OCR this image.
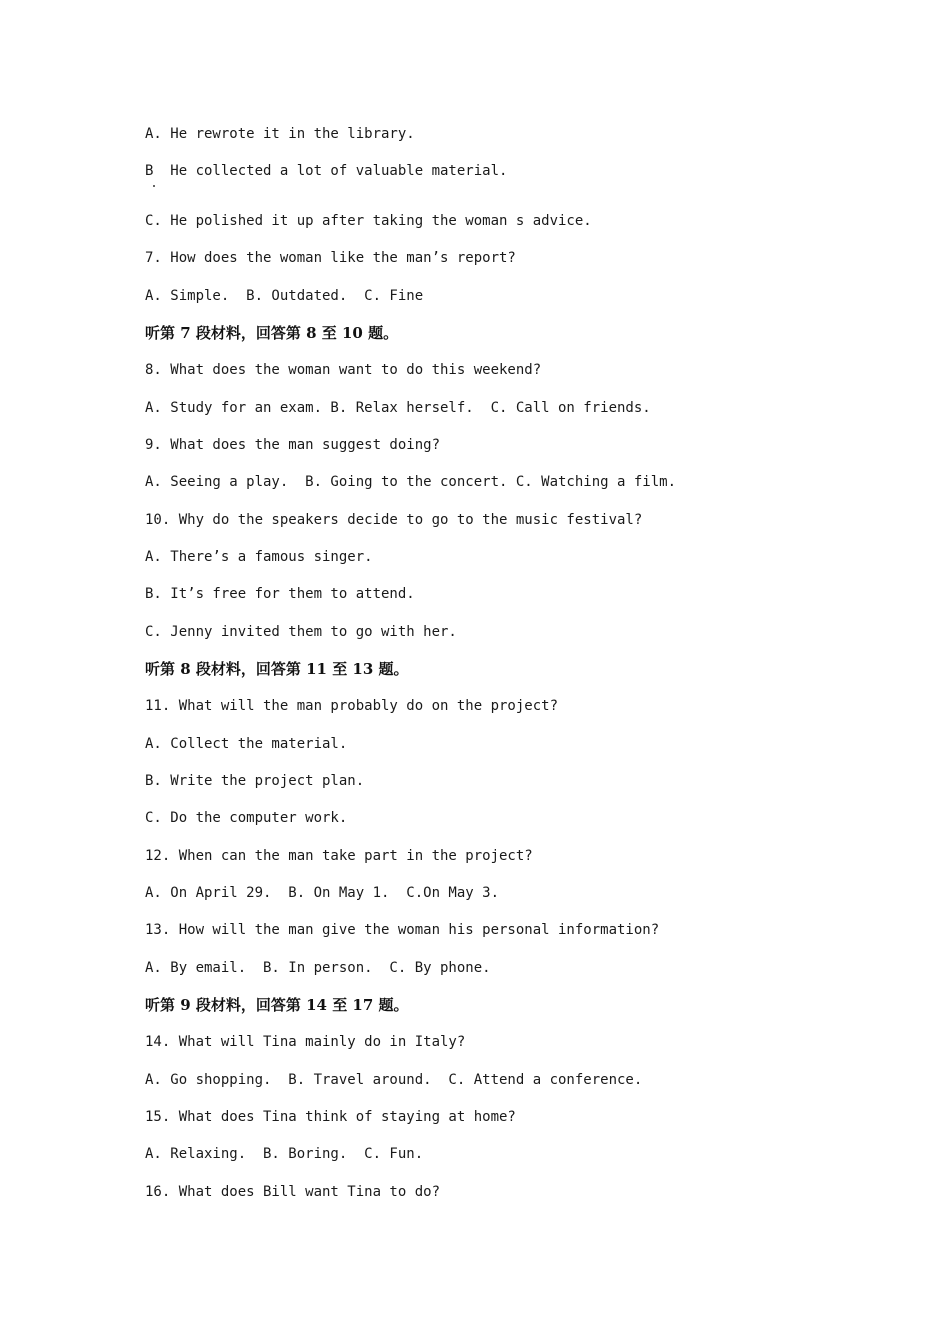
A. He rewrote it in the library.
B  He collected a lot of valuable material.
C. He polished it up after taking the woman s advice.
7. How does the woman like the man’s report?
A. Simple.  B. Outdated.  C. Fine
听第 7 段材料，回答第 8 至 10 题。
8. What does the woman want to do this weekend?
A. Study for an exam. B. Relax herself.  C. Call on friends.
9. What does the man suggest doing?
A. Seeing a play.  B. Going to the concert. C. Watching a film.
10. Why do the speakers decide to go to the music festival?
A. There’s a famous singer.
B. It’s free for them to attend.
C. Jenny invited them to go with her.
听第 8 段材料，回答第 11 至 13 题。
11. What will the man probably do on the project?
A. Collect the material.
B. Write the project plan.
C. Do the computer work.
12. When can the man take part in the project?
A. On April 29.  B. On May 1.  C.On May 3.
13. How will the man give the woman his personal information?
A. By email.  B. In person.  C. By phone.
听第 9 段材料，回答第 14 至 17 题。
14. What will Tina mainly do in Italy?
A. Go shopping.  B. Travel around.  C. Attend a conference.
15. What does Tina think of staying at home?
A. Relaxing.  B. Boring.  C. Fun.
16. What does Bill want Tina to do?
